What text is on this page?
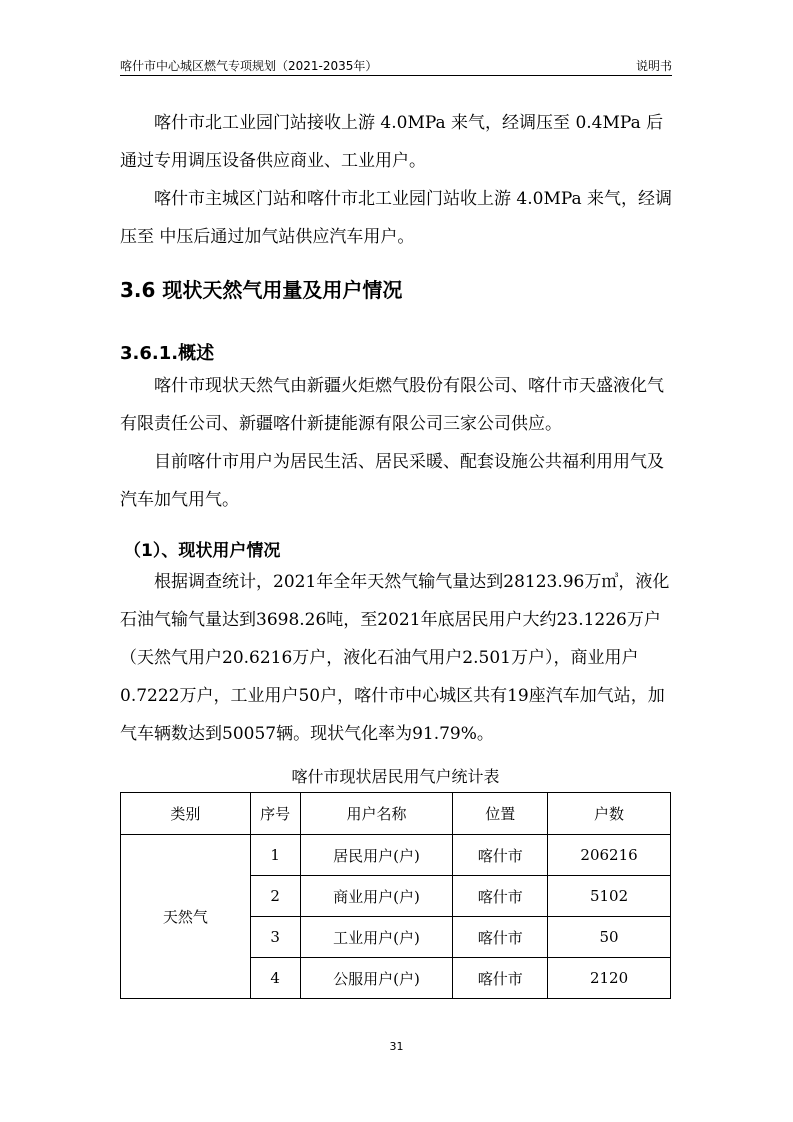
喀什市中心城区燃气专项规划（2021-2035年）	说明书

喀什市北工业园门站接收上游 4.0MPa 来气，经调压至 0.4MPa 后通过专用调压设备供应商业、工业用户。

喀什市主城区门站和喀什市北工业园门站收上游 4.0MPa 来气，经调压至 中压后通过加气站供应汽车用户。

3.6 现状天然气用量及用户情况
3.6.1.概述

喀什市现状天然气由新疆火炬燃气股份有限公司、喀什市天盛液化气有限责任公司、新疆喀什新捷能源有限公司三家公司供应。

目前喀什市用户为居民生活、居民采暖、配套设施公共福利用用气及汽车加气用气。

（1）、现状用户情况

根据调查统计，2021年全年天然气输气量达到28123.96万㎥，液化石油气输气量达到3698.26吨，至2021年底居民用户大约23.1226万户（天然气用户20.6216万户，液化石油气用户2.501万户），商业用户0.7222万户，工业用户50户，喀什市中心城区共有19座汽车加气站，加气车辆数达到50057辆。现状气化率为91.79%。

喀什市现状居民用气户统计表
类别	序号	用户名称	位置	户数
天然气	1	居民用户(户)	喀什市	206216
	2	商业用户(户)	喀什市	5102
	3	工业用户(户)	喀什市	50
	4	公服用户(户)	喀什市	2120
31
